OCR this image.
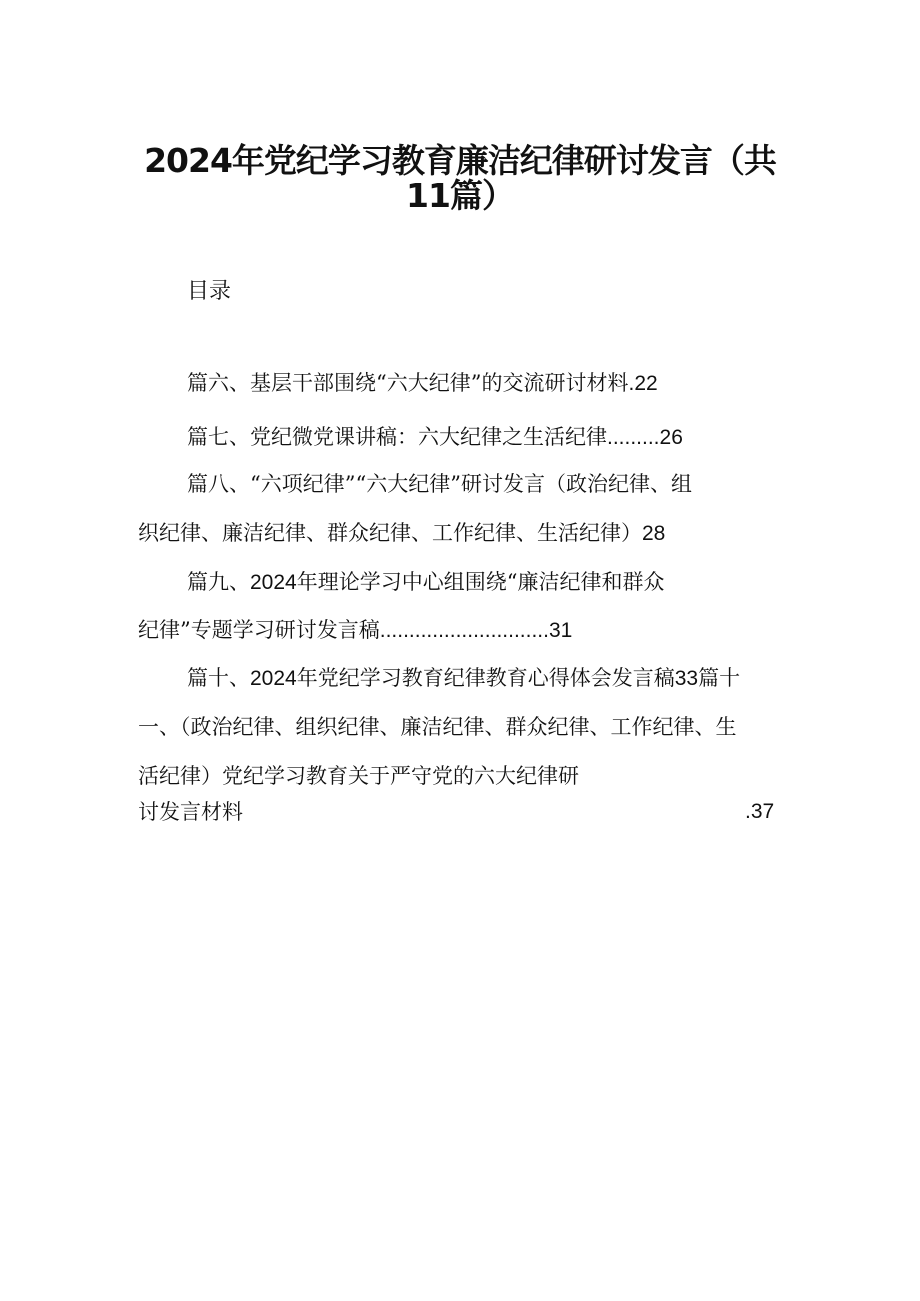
2024年党纪学习教育廉洁纪律研讨发言（共
11篇）
目录
篇六、基层干部围绕“六大纪律”的交流研讨材料.22
篇七、党纪微党课讲稿：六大纪律之生活纪律.........26
篇八、“六项纪律”“六大纪律”研讨发言（政治纪律、组
织纪律、廉洁纪律、群众纪律、工作纪律、生活纪律）28
篇九、2024年理论学习中心组围绕“廉洁纪律和群众
纪律”专题学习研讨发言稿.............................31
篇十、2024年党纪学习教育纪律教育心得体会发言稿33篇十
一、（政治纪律、组织纪律、廉洁纪律、群众纪律、工作纪律、生
活纪律）党纪学习教育关于严守党的六大纪律研
讨发言材料	.37
